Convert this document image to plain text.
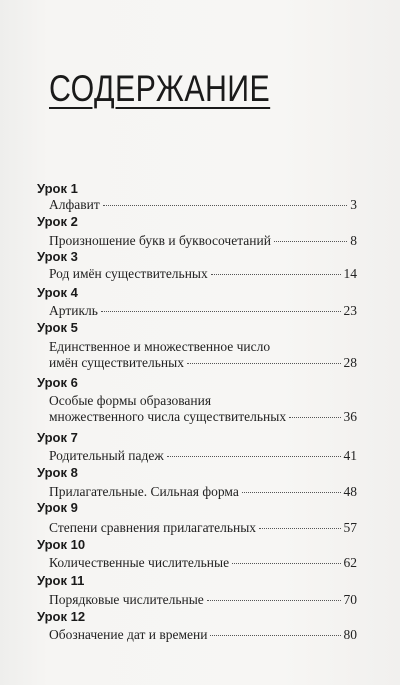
СОДЕРЖАНИЕ
Урок 1
Алфавит	3
Урок 2
Произношение букв и буквосочетаний	8
Урок 3
Род имён существительных	14
Урок 4
Артикль	23
Урок 5
Единственное и множественное число
имён существительных	28
Урок 6
Особые формы образования
множественного числа существительных	36
Урок 7
Родительный падеж	41
Урок 8
Прилагательные. Сильная форма	48
Урок 9
Степени сравнения прилагательных	57
Урок 10
Количественные числительные	62
Урок 11
Порядковые числительные	70
Урок 12
Обозначение дат и времени	80
